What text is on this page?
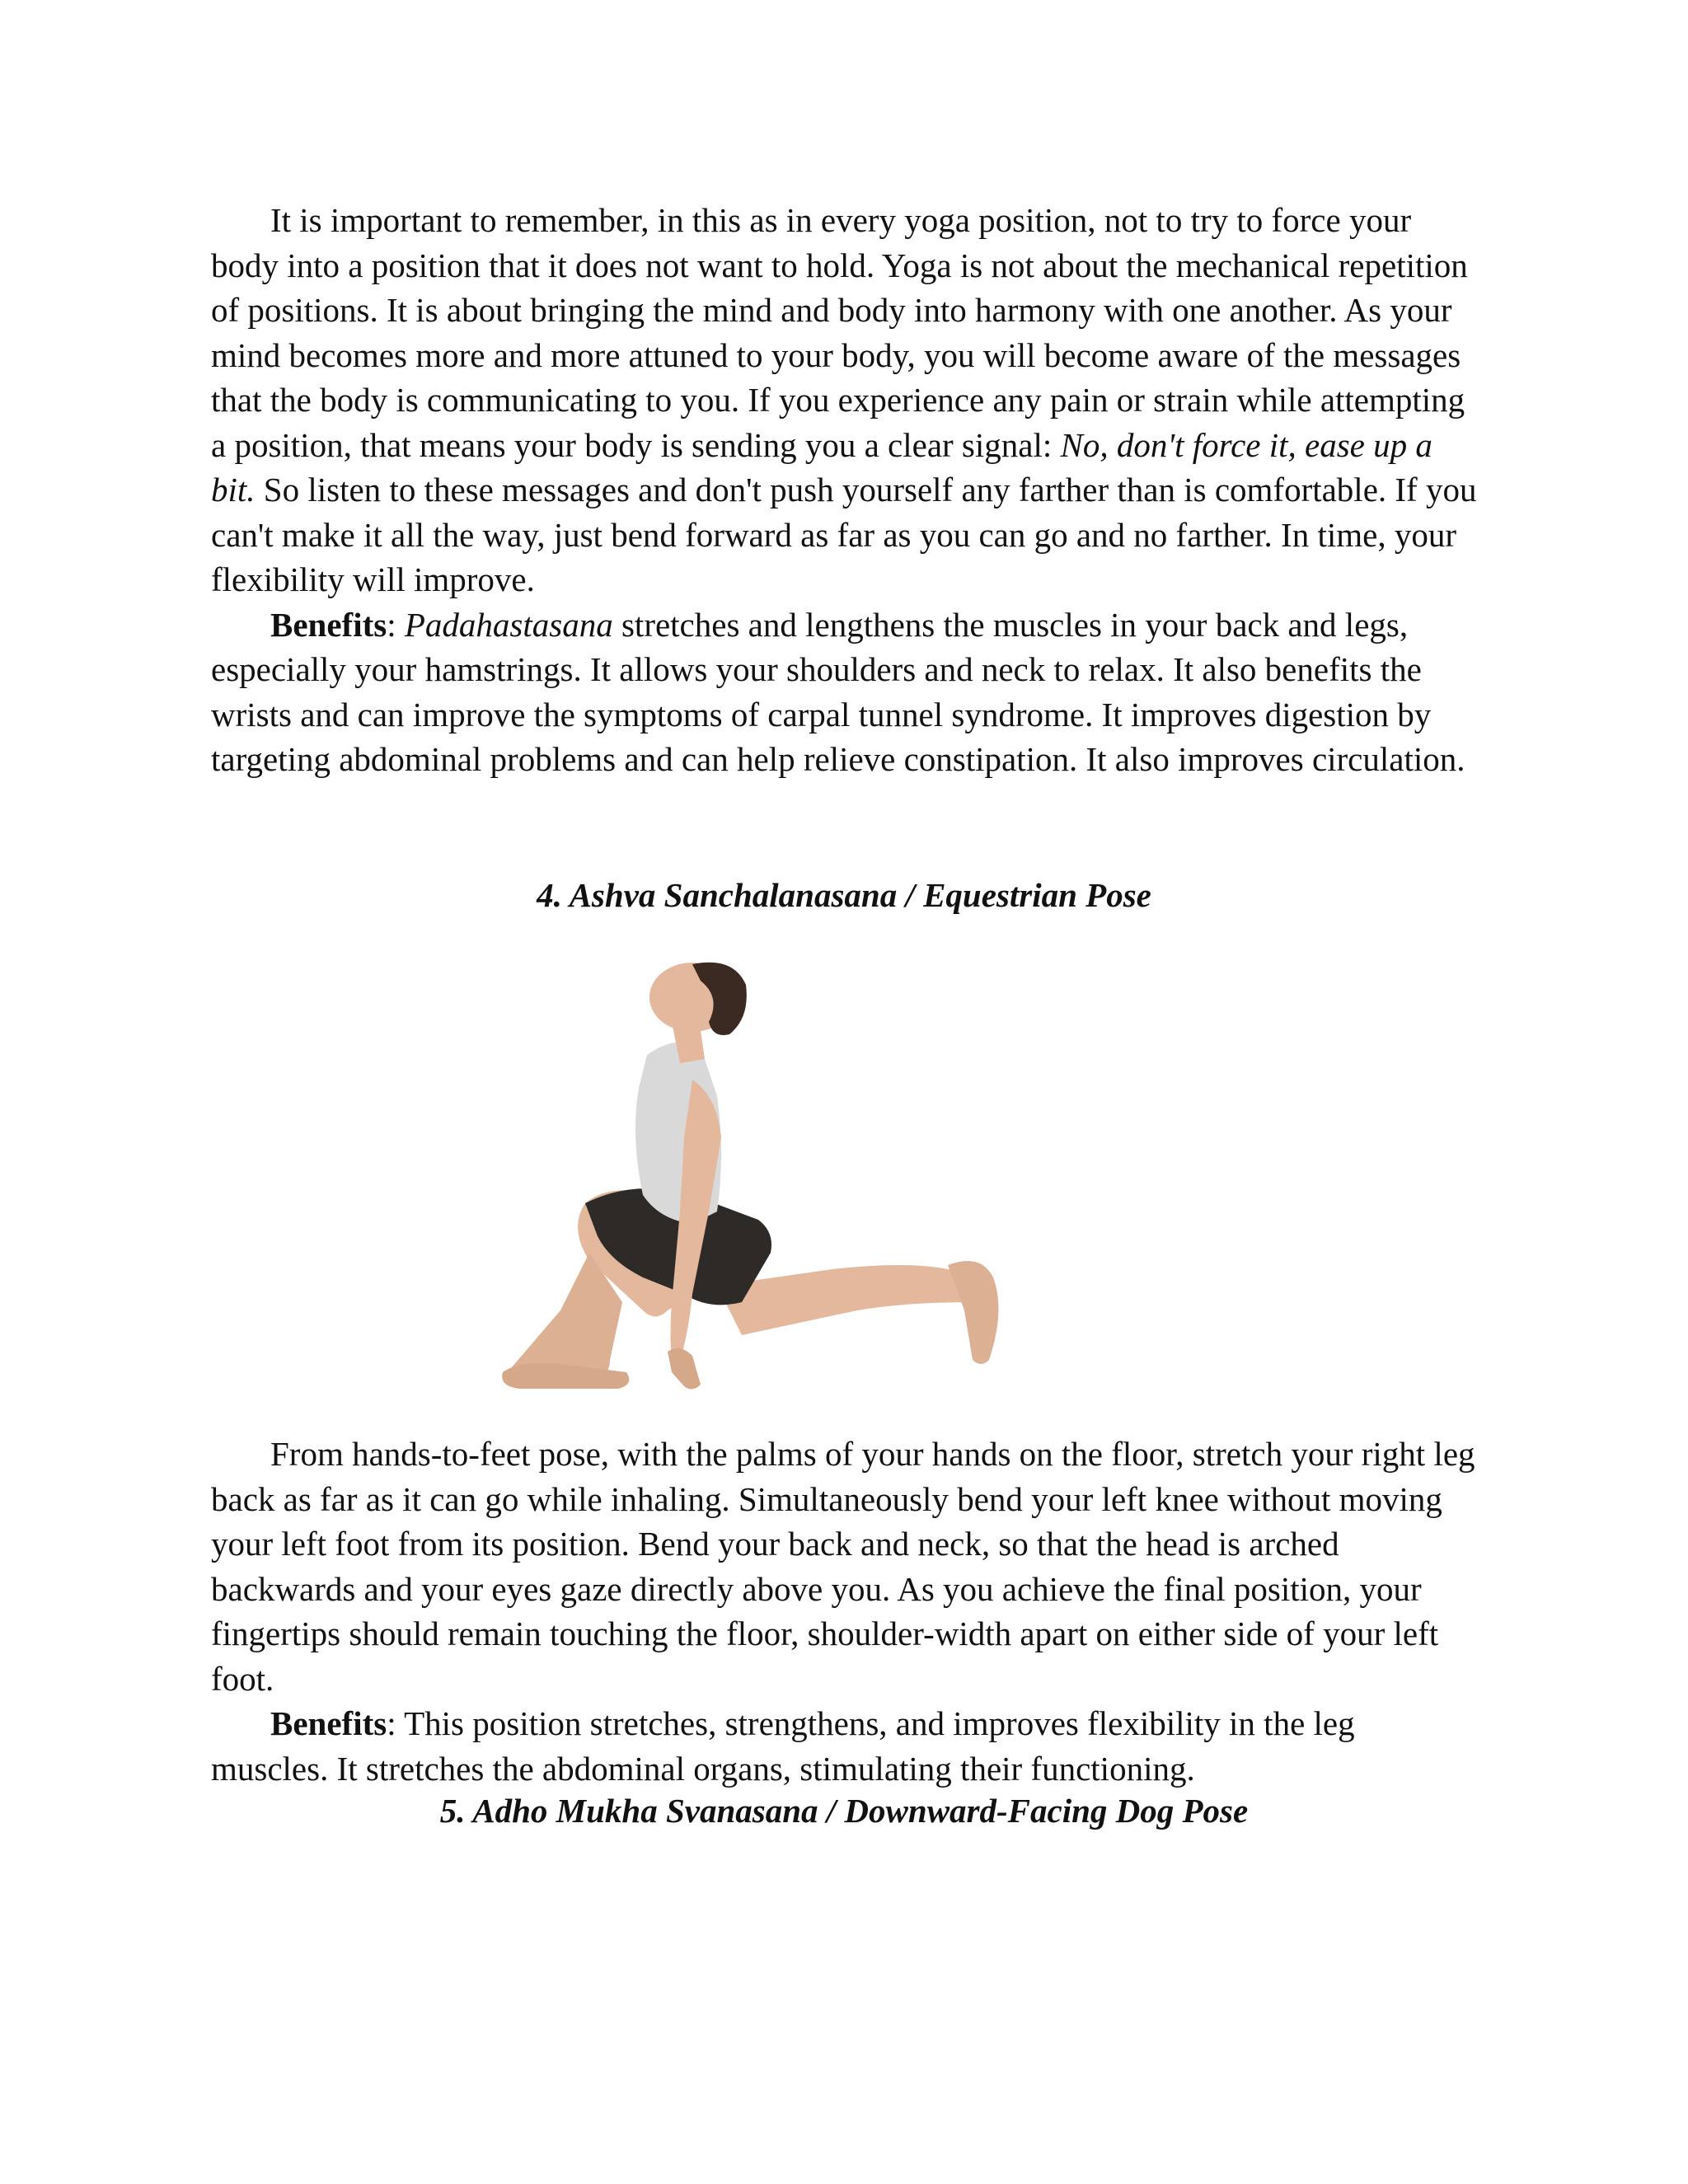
It is important to remember, in this as in every yoga position, not to try to force your body into a position that it does not want to hold. Yoga is not about the mechanical repetition of positions. It is about bringing the mind and body into harmony with one another. As your mind becomes more and more attuned to your body, you will become aware of the messages that the body is communicating to you. If you experience any pain or strain while attempting a position, that means your body is sending you a clear signal: No, don't force it, ease up a bit. So listen to these messages and don't push yourself any farther than is comfortable. If you can't make it all the way, just bend forward as far as you can go and no farther. In time, your flexibility will improve.

Benefits: Padahastasana stretches and lengthens the muscles in your back and legs, especially your hamstrings. It allows your shoulders and neck to relax. It also benefits the wrists and can improve the symptoms of carpal tunnel syndrome. It improves digestion by targeting abdominal problems and can help relieve constipation. It also improves circulation.

4. Ashva Sanchalanasana / Equestrian Pose

From hands-to-feet pose, with the palms of your hands on the floor, stretch your right leg back as far as it can go while inhaling. Simultaneously bend your left knee without moving your left foot from its position. Bend your back and neck, so that the head is arched backwards and your eyes gaze directly above you. As you achieve the final position, your fingertips should remain touching the floor, shoulder-width apart on either side of your left foot.

Benefits: This position stretches, strengthens, and improves flexibility in the leg muscles. It stretches the abdominal organs, stimulating their functioning.

5. Adho Mukha Svanasana / Downward-Facing Dog Pose
